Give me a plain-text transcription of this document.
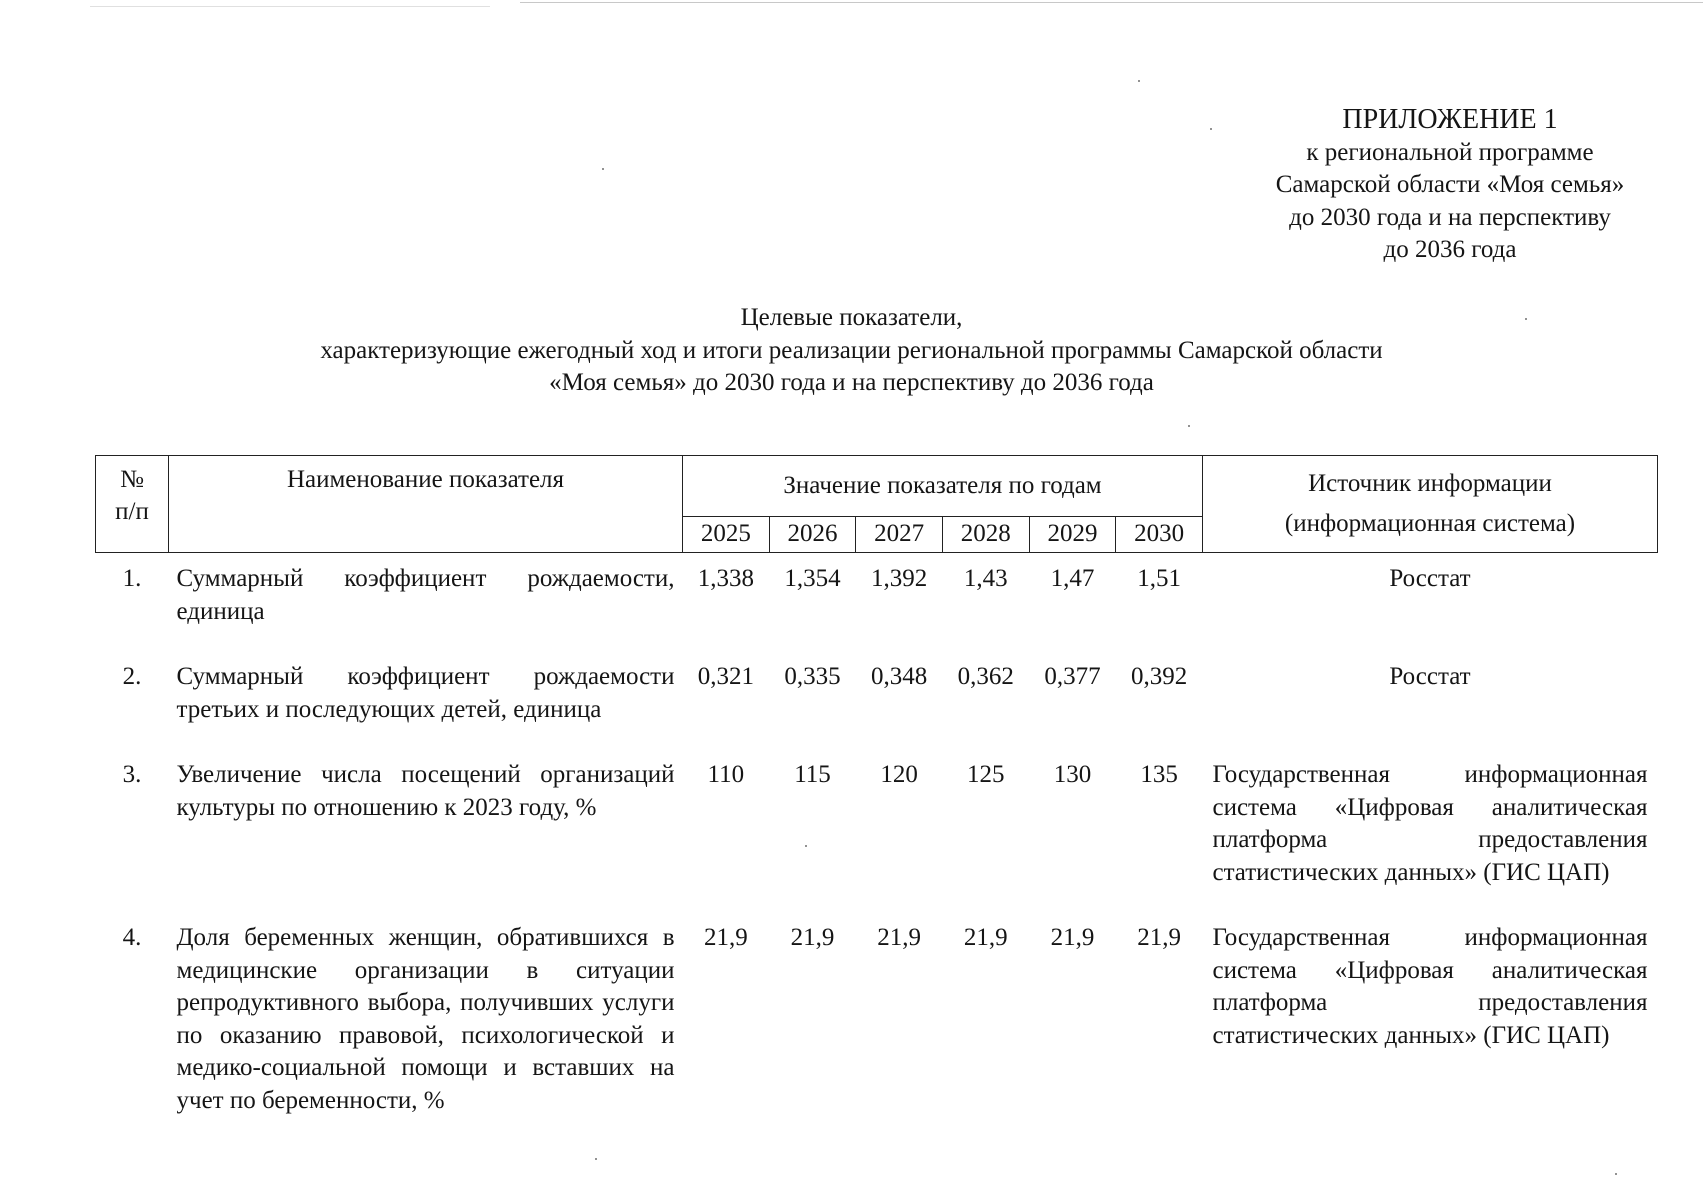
ПРИЛОЖЕНИЕ 1
к региональной программе
Самарской области «Моя семья»
до 2030 года и на перспективу
до 2036 года
Целевые показатели,
характеризующие ежегодный ход и итоги реализации региональной программы Самарской области
«Моя семья» до 2030 года и на перспективу до 2036 года
№
п/п	Наименование показателя	Значение показателя по годам						Источник информации
(информационная система)

		2025	2026	2027	2028	2029	2030	
1.	Суммарный коэффициент рождаемости, единица	1,338	1,354	1,392	1,43	1,47	1,51	Росстат
2.	Суммарный коэффициент рождаемости третьих и последующих детей, единица	0,321	0,335	0,348	0,362	0,377	0,392	Росстат
3.	Увеличение числа посещений организаций культуры по отношению к 2023 году, %	110	115	120	125	130	135	Государственная информационная система «Цифровая аналитическая платформа предоставления статистических данных» (ГИС ЦАП)
4.	Доля беременных женщин, обратившихся в медицинские организации в ситуации репродуктивного выбора, получивших услуги по оказанию правовой, психологической и медико-социальной помощи и вставших на учет по беременности, %	21,9	21,9	21,9	21,9	21,9	21,9	Государственная информационная система «Цифровая аналитическая платформа предоставления статистических данных» (ГИС ЦАП)
